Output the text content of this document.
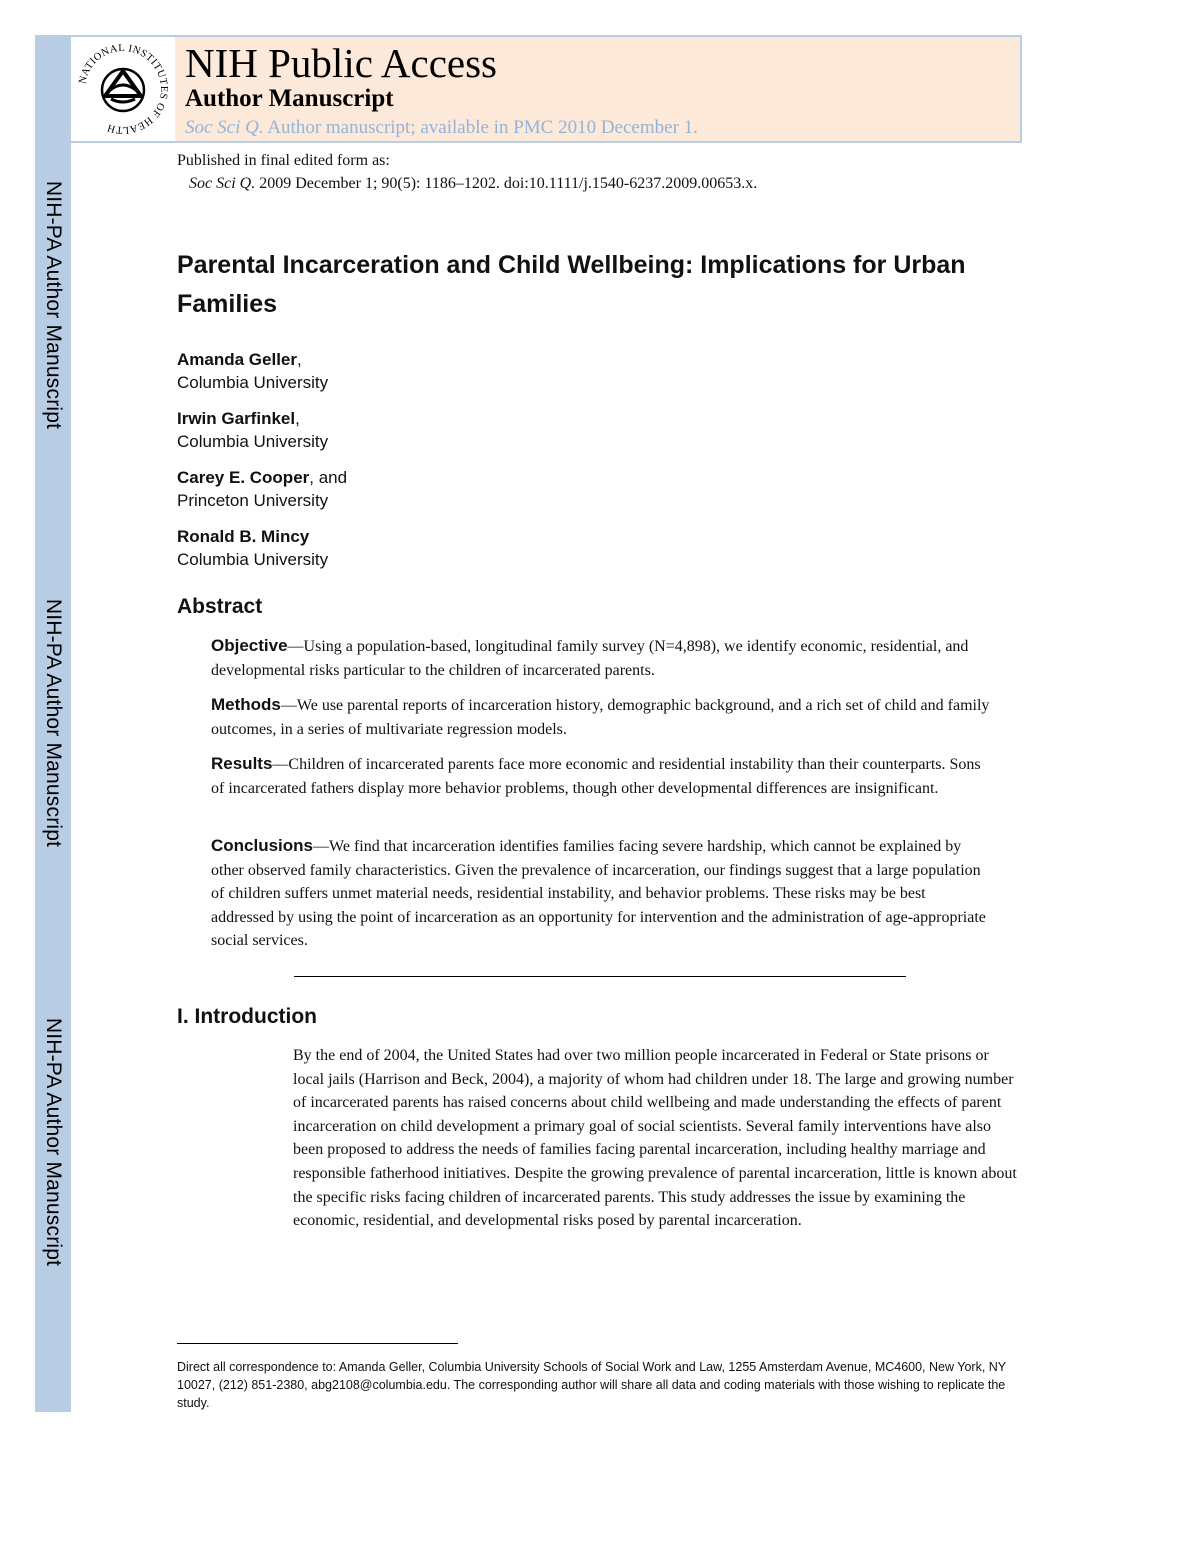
NIH-PA Author Manuscript
NIH-PA Author Manuscript
NIH-PA Author Manuscript
NATIONAL INSTITUTES OF HEALTH
NIH Public Access
Author Manuscript
Soc Sci Q. Author manuscript; available in PMC 2010 December 1.
Published in final edited form as:
Soc Sci Q. 2009 December 1; 90(5): 1186–1202. doi:10.1111/j.1540-6237.2009.00653.x.
Parental Incarceration and Child Wellbeing: Implications for Urban Families
Amanda Geller,
Columbia University
Irwin Garfinkel,
Columbia University
Carey E. Cooper, and
Princeton University
Ronald B. Mincy
Columbia University
Abstract
Objective—Using a population-based, longitudinal family survey (N=4,898), we identify economic, residential, and developmental risks particular to the children of incarcerated parents.
Methods—We use parental reports of incarceration history, demographic background, and a rich set of child and family outcomes, in a series of multivariate regression models.
Results—Children of incarcerated parents face more economic and residential instability than their counterparts. Sons of incarcerated fathers display more behavior problems, though other developmental differences are insignificant.
Conclusions—We find that incarceration identifies families facing severe hardship, which cannot be explained by other observed family characteristics. Given the prevalence of incarceration, our findings suggest that a large population of children suffers unmet material needs, residential instability, and behavior problems. These risks may be best addressed by using the point of incarceration as an opportunity for intervention and the administration of age-appropriate social services.
I. Introduction
By the end of 2004, the United States had over two million people incarcerated in Federal or State prisons or local jails (Harrison and Beck, 2004), a majority of whom had children under 18. The large and growing number of incarcerated parents has raised concerns about child wellbeing and made understanding the effects of parent incarceration on child development a primary goal of social scientists. Several family interventions have also been proposed to address the needs of families facing parental incarceration, including healthy marriage and responsible fatherhood initiatives. Despite the growing prevalence of parental incarceration, little is known about the specific risks facing children of incarcerated parents. This study addresses the issue by examining the economic, residential, and developmental risks posed by parental incarceration.
Direct all correspondence to: Amanda Geller, Columbia University Schools of Social Work and Law, 1255 Amsterdam Avenue, MC4600, New York, NY 10027, (212) 851-2380, abg2108@columbia.edu. The corresponding author will share all data and coding materials with those wishing to replicate the study.
